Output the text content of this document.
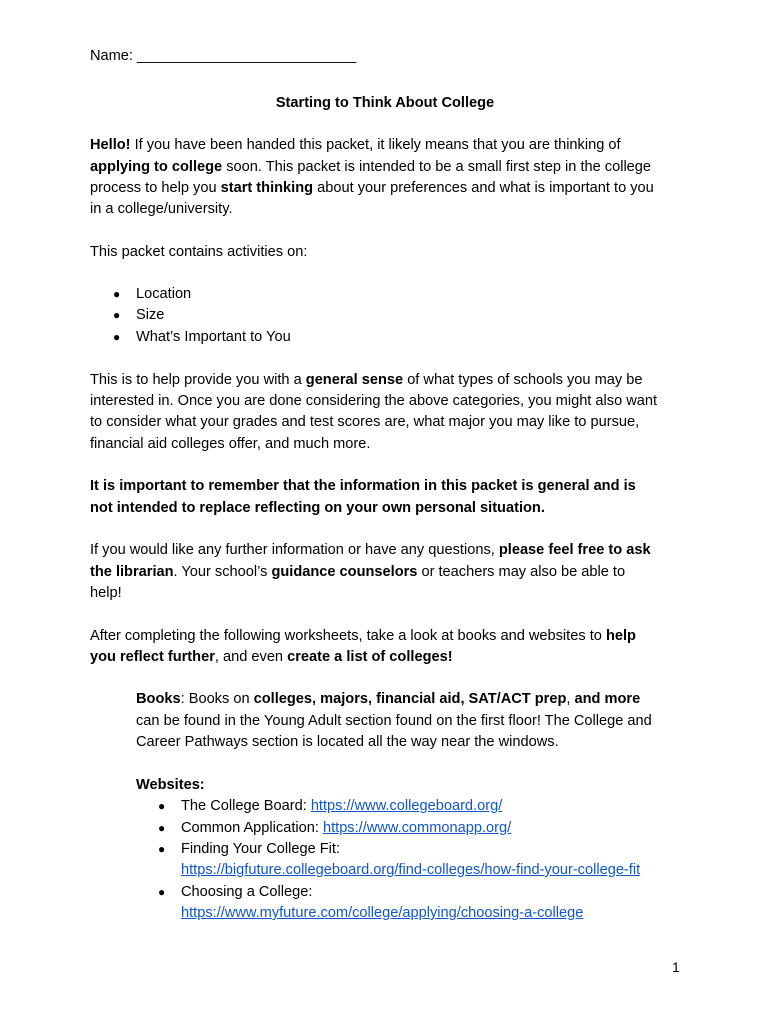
Name: ___________________________
Starting to Think About College
Hello! If you have been handed this packet, it likely means that you are thinking of
applying to college soon. This packet is intended to be a small first step in the college
process to help you start thinking about your preferences and what is important to you
in a college/university.
This packet contains activities on:
● Location
● Size
● What’s Important to You
This is to help provide you with a general sense of what types of schools you may be
interested in. Once you are done considering the above categories, you might also want
to consider what your grades and test scores are, what major you may like to pursue,
financial aid colleges offer, and much more.
It is important to remember that the information in this packet is general and is
not intended to replace reflecting on your own personal situation.
If you would like any further information or have any questions, please feel free to ask
the librarian. Your school’s guidance counselors or teachers may also be able to
help!
After completing the following worksheets, take a look at books and websites to help
you reflect further, and even create a list of colleges!
Books: Books on colleges, majors, financial aid, SAT/ACT prep, and more
can be found in the Young Adult section found on the first floor! The College and
Career Pathways section is located all the way near the windows.
Websites:
● The College Board: https://www.collegeboard.org/
● Common Application: https://www.commonapp.org/
● Finding Your College Fit:
https://bigfuture.collegeboard.org/find-colleges/how-find-your-college-fit
● Choosing a College:
https://www.myfuture.com/college/applying/choosing-a-college
1
